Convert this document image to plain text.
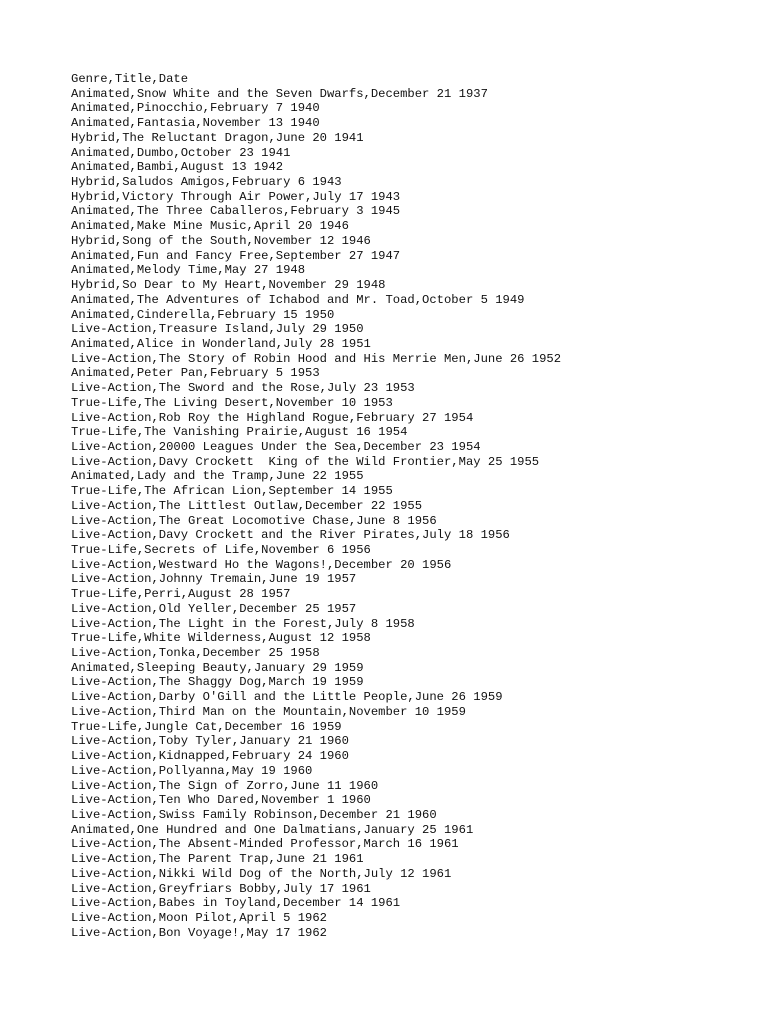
Genre,Title,Date
Animated,Snow White and the Seven Dwarfs,December 21 1937
Animated,Pinocchio,February 7 1940
Animated,Fantasia,November 13 1940
Hybrid,The Reluctant Dragon,June 20 1941
Animated,Dumbo,October 23 1941
Animated,Bambi,August 13 1942
Hybrid,Saludos Amigos,February 6 1943
Hybrid,Victory Through Air Power,July 17 1943
Animated,The Three Caballeros,February 3 1945
Animated,Make Mine Music,April 20 1946
Hybrid,Song of the South,November 12 1946
Animated,Fun and Fancy Free,September 27 1947
Animated,Melody Time,May 27 1948
Hybrid,So Dear to My Heart,November 29 1948
Animated,The Adventures of Ichabod and Mr. Toad,October 5 1949
Animated,Cinderella,February 15 1950
Live-Action,Treasure Island,July 29 1950
Animated,Alice in Wonderland,July 28 1951
Live-Action,The Story of Robin Hood and His Merrie Men,June 26 1952
Animated,Peter Pan,February 5 1953
Live-Action,The Sword and the Rose,July 23 1953
True-Life,The Living Desert,November 10 1953
Live-Action,Rob Roy the Highland Rogue,February 27 1954
True-Life,The Vanishing Prairie,August 16 1954
Live-Action,20000 Leagues Under the Sea,December 23 1954
Live-Action,Davy Crockett  King of the Wild Frontier,May 25 1955
Animated,Lady and the Tramp,June 22 1955
True-Life,The African Lion,September 14 1955
Live-Action,The Littlest Outlaw,December 22 1955
Live-Action,The Great Locomotive Chase,June 8 1956
Live-Action,Davy Crockett and the River Pirates,July 18 1956
True-Life,Secrets of Life,November 6 1956
Live-Action,Westward Ho the Wagons!,December 20 1956
Live-Action,Johnny Tremain,June 19 1957
True-Life,Perri,August 28 1957
Live-Action,Old Yeller,December 25 1957
Live-Action,The Light in the Forest,July 8 1958
True-Life,White Wilderness,August 12 1958
Live-Action,Tonka,December 25 1958
Animated,Sleeping Beauty,January 29 1959
Live-Action,The Shaggy Dog,March 19 1959
Live-Action,Darby O'Gill and the Little People,June 26 1959
Live-Action,Third Man on the Mountain,November 10 1959
True-Life,Jungle Cat,December 16 1959
Live-Action,Toby Tyler,January 21 1960
Live-Action,Kidnapped,February 24 1960
Live-Action,Pollyanna,May 19 1960
Live-Action,The Sign of Zorro,June 11 1960
Live-Action,Ten Who Dared,November 1 1960
Live-Action,Swiss Family Robinson,December 21 1960
Animated,One Hundred and One Dalmatians,January 25 1961
Live-Action,The Absent-Minded Professor,March 16 1961
Live-Action,The Parent Trap,June 21 1961
Live-Action,Nikki Wild Dog of the North,July 12 1961
Live-Action,Greyfriars Bobby,July 17 1961
Live-Action,Babes in Toyland,December 14 1961
Live-Action,Moon Pilot,April 5 1962
Live-Action,Bon Voyage!,May 17 1962
